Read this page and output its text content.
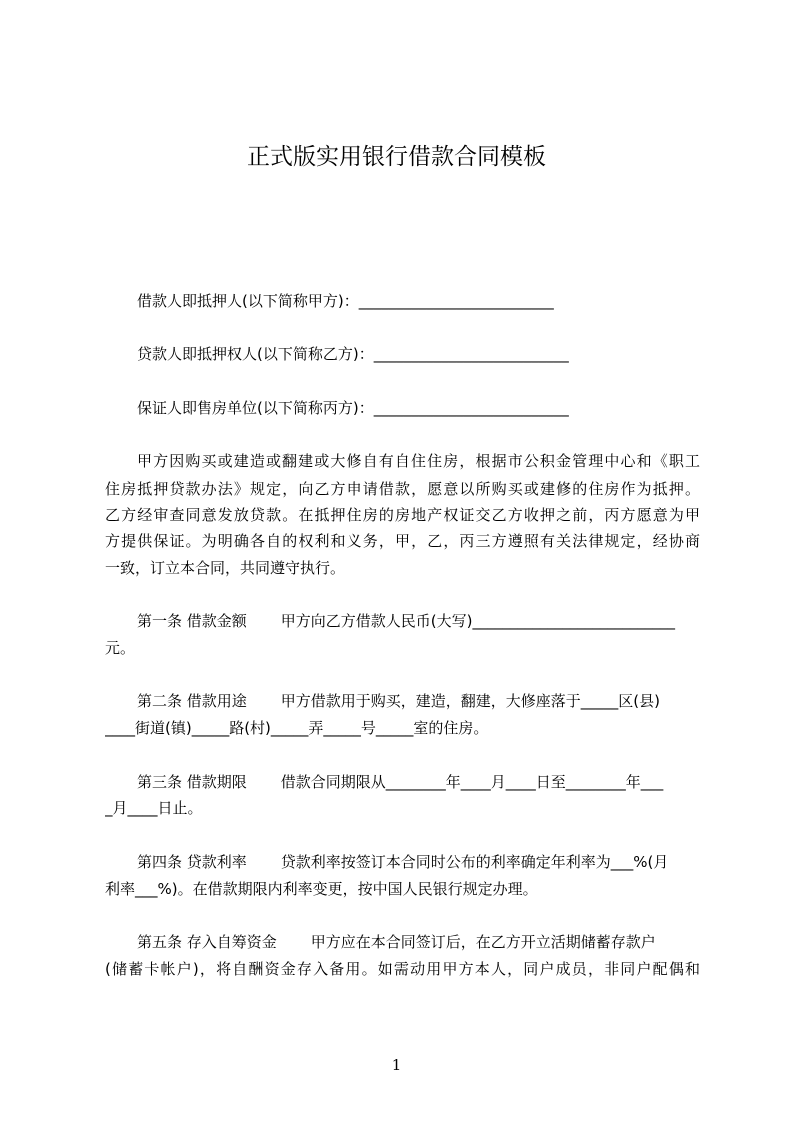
正式版实用银行借款合同模板
借款人即抵押人(以下简称甲方)：__________________________
贷款人即抵押权人(以下简称乙方)：__________________________
保证人即售房单位(以下简称丙方)：__________________________
甲方因购买或建造或翻建或大修自有自住住房，根据市公积金管理中心和《职工
住房抵押贷款办法》规定，向乙方申请借款，愿意以所购买或建修的住房作为抵押。
乙方经审查同意发放贷款。在抵押住房的房地产权证交乙方收押之前，丙方愿意为甲
方提供保证。为明确各自的权利和义务，甲，乙，丙三方遵照有关法律规定，经协商
一致，订立本合同，共同遵守执行。
第一条 借款金额 甲方向乙方借款人民币(大写)___________________________
元。
第二条 借款用途 甲方借款用于购买，建造，翻建，大修座落于_____区(县)
____街道(镇)_____路(村)_____弄_____号_____室的住房。
第三条 借款期限 借款合同期限从________年____月____日至________年___
_月____日止。
第四条 贷款利率 贷款利率按签订本合同时公布的利率确定年利率为___%(月
利率___%)。在借款期限内利率变更，按中国人民银行规定办理。
第五条 存入自筹资金 甲方应在本合同签订后，在乙方开立活期储蓄存款户
(储蓄卡帐户)，将自酬资金存入备用。如需动用甲方本人，同户成员，非同户配偶和
1
